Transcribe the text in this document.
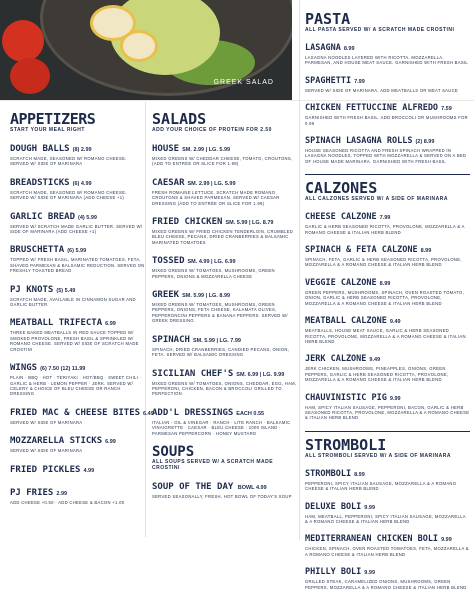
GREEK SALAD
APPETIZERS
START YOUR MEAL RIGHT
DOUGH BALLS (8) 2.99
SCRATCH MADE, SEASONED W/ ROMANO CHEESE. SERVED W/ SIDE OF MARINARA
BREADSTICKS (6) 4.99
SCRATCH MADE, SEASONED W/ ROMANO CHEESE. SERVED W/ SIDE OF MARINARA (ADD CHEESE +1)
GARLIC BREAD (4) 5.99
SERVED W/ SCRATCH MADE GARLIC BUTTER. SERVED W/ SIDE OF MARINARA (ADD CHEESE +1)
BRUSCHETTA (6) 5.99
TOPPED W/ FRESH BASIL, MARINATED TOMATOES, FETA, SHAVED PARMESAN & BALSAMIC REDUCTION. SERVED ON FRESHLY TOASTED BREAD
PJ KNOTS (5) 5.49
SCRATCH MADE, AVAILABLE IN CINNAMON SUGAR AND GARLIC BUTTER.
MEATBALL TRIFECTA 6.99
THREE BAKED MEATBALLS IN RED SAUCE TOPPED W/ SMOKED PROVOLONE, FRESH BASIL & SPRINKLED W/ ROMANO CHEESE. SERVED W/ SIDE OF SCRATCH MADE CROSTINI
WINGS (6) 7.50 (12) 11.99
PLAIN · BBQ · HOT · TERIYAKI · HOT/BBQ · SWEET CHILI · GARLIC & HERB · LEMON PEPPER · JERK. SERVED W/ CELERY & CHOICE OF BLEU CHEESE OR RANCH DRESSING
FRIED MAC & CHEESE BITES 6.49
SERVED W/ SIDE OF MARINARA
MOZZARELLA STICKS 6.99
SERVED W/ SIDE OF MARINARA
FRIED PICKLES 4.99
PJ FRIES 2.99
ADD CHEESE +0.50 · ADD CHEESE & BACON +1.00
SALADS
ADD YOUR CHOICE OF PROTEIN FOR 2.50
HOUSE SM. 2.99 | LG. 5.99
MIXED GREENS W/ CHEDDAR CHEESE, TOMATO, CROUTONS, (ADD TO ENTRÉE OR SLICE FOR 1.99)
CAESAR SM. 2.99 | LG. 5.99
FRESH ROMAINE LETTUCE, SCRATCH MADE ROMANO CROUTONS & SHAVED PARMESAN. SERVED W/ CAESAR DRESSING (ADD TO ENTRÉE OR SLICE FOR 1.99)
FRIED CHICKEN SM. 5.99 | LG. 8.79
MIXED GREENS W/ FRIED CHICKEN TENDERLOIN, CRUMBLED BLEU CHEESE, PECANS, DRIED CRANBERRIES & BALSAMIC MARINATED TOMATOES
TOSSED SM. 4.99 | LG. 6.99
MIXED GREENS W/ TOMATOES, MUSHROOMS, GREEN PEPPERS, ONIONS & MOZZARELLA CHEESE
GREEK SM. 5.99 | LG. 8.99
MIXED GREENS W/ TOMATOES, MUSHROOMS, GREEN PEPPERS, ONIONS, FETA CHEESE, KALAMATA OLIVES, PEPPERONCINI PEPPERS & BANANA PEPPERS. SERVED W/ GREEK DRESSING
SPINACH SM. 5.99 | LG. 7.99
SPINACH, DRIED CRANBERRIES, CANDIED PECANS, ONION, FETA. SERVED W/ BALSAMIC DRESSING
SICILIAN CHEF'S SM. 6.99 | LG. 9.99
MIXED GREENS W/ TOMATOES, ONIONS, CHEDDAR, EGG, HAM, PEPPERONI, CHICKEN, BACON & BROCCOLI GRILLED TO PERFECTION
ADD'L DRESSINGS EACH 0.55
ITALIAN · OIL & VINEGAR · RANCH · LITE RANCH · BALSAMIC VINAIGRETTE · CAESAR · BLEU CHEESE · 1000 ISLAND · PARMESAN PEPPERCORN · HONEY MUSTARD
SOUPS
ALL SOUPS SERVED W/ A SCRATCH MADE CROSTINI
SOUP OF THE DAY BOWL 4.99
SERVED SEASONALLY, FRESH, HOT BOWL OF TODAY'S SOUP
PASTA
ALL PASTA SERVED W/ A SCRATCH MADE CROSTINI
LASAGNA 8.99
LASAGNA NOODLES LAYERED WITH RICOTTA, MOZZARELLA, PARMESAN, AND HOUSE MEAT SAUCE. GARNISHED WITH FRESH BASIL
SPAGHETTI 7.99
SERVED W/ SIDE OF MARINARA, ADD MEATBALLS OR MEAT SAUCE
CHICKEN FETTUCCINE ALFREDO 7.59
GARNISHED WITH FRESH BASIL. ADD BROCCOLI OR MUSHROOMS FOR 0.99
SPINACH LASAGNA ROLLS (2) 8.99
HOUSE SEASONED RICOTTA AND FRESH SPINACH WRAPPED IN LASAGNA NOODLES, TOPPED WITH MOZZARELLA & SERVED ON A BED OF HOUSE MADE MARINARA. GARNISHED WITH FRESH BASIL
CALZONES
ALL CALZONES SERVED W/ A SIDE OF MARINARA
CHEESE CALZONE 7.99
GARLIC & HERB SEASONED RICOTTA, PROVOLONE, MOZZARELLA & A ROMANO CHEESE & ITALIAN HERB BLEND
SPINACH & FETA CALZONE 8.99
SPINACH, FETA, GARLIC & HERB SEASONED RICOTTA, PROVOLONE, MOZZARELLA & A ROMANO CHEESE & ITALIAN HERB BLEND
VEGGIE CALZONE 8.99
GREEN PEPPERS, MUSHROOMS, SPINACH, OVEN ROASTED TOMATO, ONION, GARLIC & HERB SEASONED RICOTTA, PROVOLONE, MOZZARELLA & A ROMANO CHEESE & ITALIAN HERB BLEND
MEATBALL CALZONE 9.49
MEATBALLS, HOUSE MEAT SAUCE, GARLIC & HERB SEASONED RICOTTA, PROVOLONE, MOZZARELLA & A ROMANO CHEESE & ITALIAN HERB BLEND
JERK CALZONE 9.49
JERK CHICKEN, MUSHROOMS, PINEAPPLES, ONIONS, GREEN PEPPERS, GARLIC & HERB SEASONED RICOTTA, PROVOLONE, MOZZARELLA & A ROMANO CHEESE & ITALIAN HERB BLEND
CHAUVINISTIC PIG 9.99
HAM, SPICY ITALIAN SAUSAGE, PEPPERONI, BACON, GARLIC & HERB SEASONED RICOTTA, PROVOLONE, MOZZARELLA & A ROMANO CHEESE & ITALIAN HERB BLEND
STROMBOLI
ALL STROMBOLI SERVED W/ A SIDE OF MARINARA
STROMBOLI 8.99
PEPPERONI, SPICY ITALIAN SAUSAGE, MOZZARELLA & A ROMANO CHEESE & ITALIAN HERB BLEND
DELUXE BOLI 9.99
HAM, MEATBALL, PEPPERONI, SPICY ITALIAN SAUSAGE, MOZZARELLA & A ROMANO CHEESE & ITALIAN HERB BLEND
MEDITERRANEAN CHICKEN BOLI 9.99
CHICKEN, SPINACH, OVEN ROASTED TOMATOES, FETA, MOZZARELLA & A ROMANO CHEESE & ITALIAN HERB BLEND
PHILLY BOLI 9.99
GRILLED STEAK, CARAMELIZED ONIONS, MUSHROOMS, GREEN PEPPERS, MOZZARELLA & A ROMANO CHEESE & ITALIAN HERB BLEND
